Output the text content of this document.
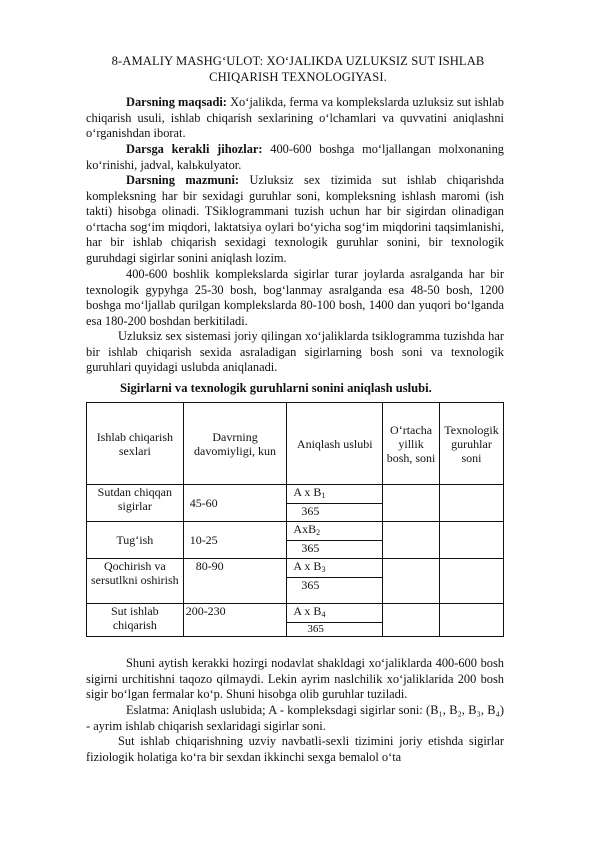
8-AMALIY MASHG‘ULOT: XO‘JALIKDA UZLUKSIZ SUT ISHLAB
CHIQARISH TEXNOLOGIYASI.
Darsning maqsadi: Xo‘jalikda, ferma va komplekslarda uzluksiz sut ishlab chiqarish usuli, ishlab chiqarish sexlarining o‘lchamlari va quvvatini aniqlashni o‘rganishdan iborat.
Darsga kerakli jihozlar: 400-600 boshga mo‘ljallangan molxonaning ko‘rinishi, jadval, kalьkulyator.
Darsning mazmuni: Uzluksiz sex tizimida sut ishlab chiqarishda kompleksning har bir sexidagi guruhlar soni, kompleksning ishlash maromi (ish takti) hisobga olinadi. TSiklogrammani tuzish uchun har bir sigirdan olinadigan o‘rtacha sog‘im miqdori, laktatsiya oylari bo‘yicha sog‘im miqdorini taqsimlanishi, har bir ishlab chiqarish sexidagi texnologik guruhlar sonini, bir texnologik guruhdagi sigirlar sonini aniqlash lozim.
400-600 boshlik komplekslarda sigirlar turar joylarda asralganda har bir texnologik gypyhga 25-30 bosh, bog‘lanmay asralganda esa 48-50 bosh, 1200 boshga mo‘ljallab qurilgan komplekslarda 80-100 bosh, 1400 dan yuqori bo‘lganda esa 180-200 boshdan berkitiladi.
Uzluksiz sex sistemasi joriy qilingan xo‘jaliklarda tsiklogramma tuzishda har bir ishlab chiqarish sexida asraladigan sigirlarning bosh soni va texnologik guruhlari quyidagi uslubda aniqlanadi.
Sigirlarni va texnologik guruhlarni sonini aniqlash uslubi.
Ishlab chiqarish sexlari	Davrning davomiyligi, kun	Aniqlash uslubi	O‘rtacha yillik bosh, soni	Texnologik guruhlar soni
Sutdan chiqqan sigirlar	45-60	A x $B_1$		
		365		
Tug‘ish	10-25	AxB$_2$		
		365		
Qochirish va sersutlkni oshirish	80-90	A x $B_3$		
		365		
Sut ishlab chiqarish	200-230	A x $B_4$		
		365		
Shuni aytish kerakki hozirgi nodavlat shakldagi xo‘jaliklarda 400-600 bosh sigirni urchitishni taqozo qilmaydi. Lekin ayrim naslchilik xo‘jaliklarida 200 bosh sigir bo‘lgan fermalar ko‘p. Shuni hisobga olib guruhlar tuziladi.
Eslatma: Aniqlash uslubida; A - kompleksdagi sigirlar soni: (B₁, B₂, B₃, B₄) - ayrim ishlab chiqarish sexlaridagi sigirlar soni.
Sut ishlab chiqarishning uzviy navbatli-sexli tizimini joriy etishda sigirlar fiziologik holatiga ko‘ra bir sexdan ikkinchi sexga bemalol o‘ta
